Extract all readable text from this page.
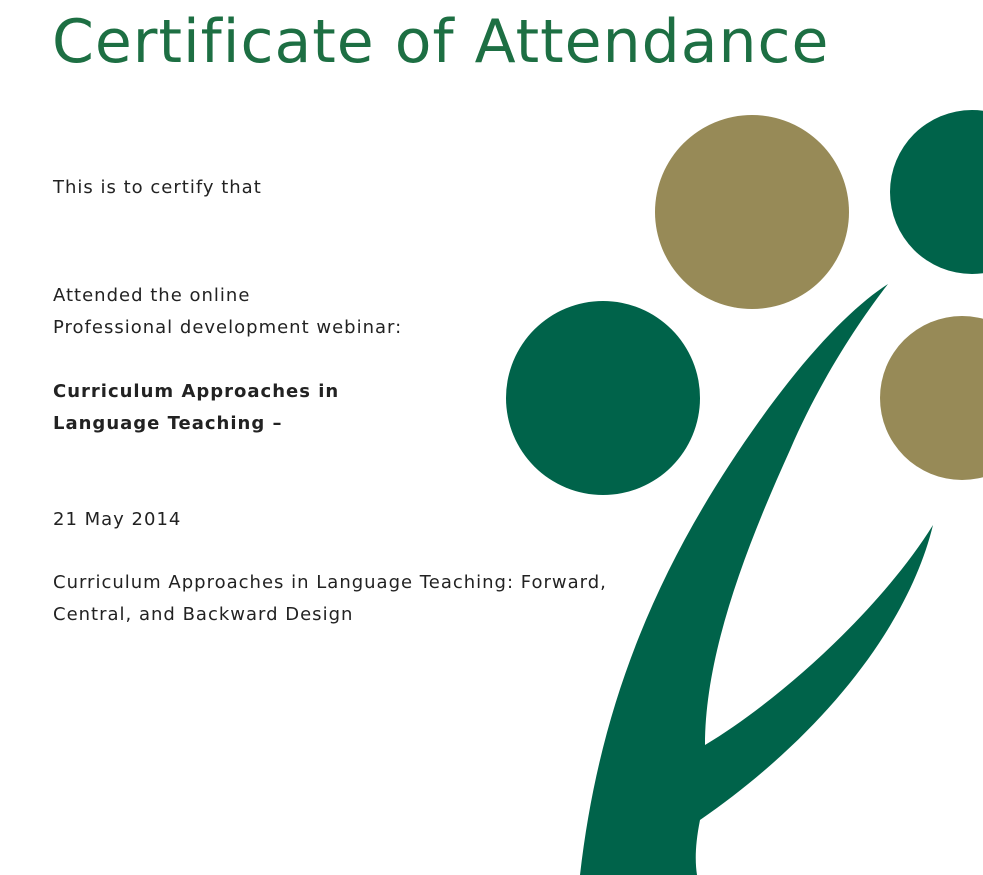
Certificate of Attendance
This is to certify that
Attended the online
Professional development webinar:
Curriculum Approaches in
Language Teaching –
21 May 2014
Curriculum Approaches in Language Teaching: Forward,
Central, and Backward Design
